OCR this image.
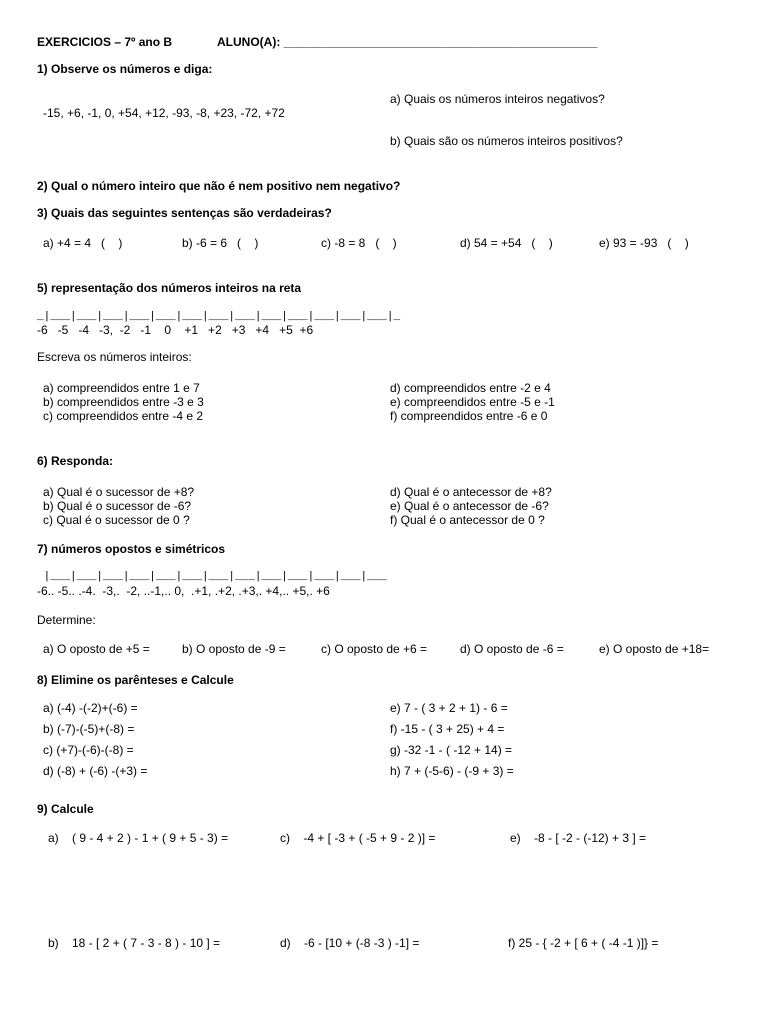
EXERCICIOS – 7º ano B	ALUNO(A): _______________________________________________
1) Observe os números e diga:
-15, +6, -1, 0, +54, +12, -93, -8, +23, -72, +72
a) Quais os números inteiros negativos?
b) Quais são os números inteiros positivos?
2) Qual o número inteiro que não é nem positivo nem negativo?
3) Quais das seguintes sentenças são verdadeiras?
a) +4 = 4   (    )	b) -6 = 6   (    )	c) -8 = 8   (    )	d) 54 = +54   (    )	e) 93 = -93   (    )
5) representação dos números inteiros na reta
_|___|___|___|___|___|___|___|___|___|___|___|___|___|_
-6   -5   -4   -3,  -2   -1    0    +1   +2   +3   +4   +5  +6
Escreva os números inteiros:
a) compreendidos entre 1 e 7
b) compreendidos entre -3 e 3
c) compreendidos entre -4 e 2
d) compreendidos entre -2 e 4
e) compreendidos entre -5 e -1
f) compreendidos entre -6 e 0
6) Responda:
a) Qual é o sucessor de +8?
b) Qual é o sucessor de -6?
c) Qual é o sucessor de 0 ?
d) Qual é o antecessor de +8?
e) Qual é o antecessor de -6?
f) Qual é o antecessor de 0 ?
7) números opostos e simétricos
|___|___|___|___|___|___|___|___|___|___|___|___|___
-6.. -5.. .-4.  -3,.  -2, ..-1,.. 0,  .+1, .+2, .+3,. +4,.. +5,. +6
Determine:
a) O oposto de +5 =	b) O oposto de -9 =	c) O oposto de +6 =	d) O oposto de -6 =	e) O oposto de +18=
8) Elimine os parênteses e Calcule
a) (-4) -(-2)+(-6) =
b) (-7)-(-5)+(-8) =
c) (+7)-(-6)-(-8) =
d) (-8) + (-6) -(+3) =
e) 7 - ( 3 + 2 + 1) - 6 =
f) -15 - ( 3 + 25) + 4 =
g) -32 -1 - ( -12 + 14) =
h) 7 + (-5-6) - (-9 + 3) =
9) Calcule
a)    ( 9 - 4 + 2 ) - 1 + ( 9 + 5 - 3) =	c)    -4 + [ -3 + ( -5 + 9 - 2 )] =	e)    -8 - [ -2 - (-12) + 3 ] =
b)    18 - [ 2 + ( 7 - 3 - 8 ) - 10 ] =	d)    -6 - [10 + (-8 -3 ) -1] =	f) 25 - { -2 + [ 6 + ( -4 -1 )]} =
